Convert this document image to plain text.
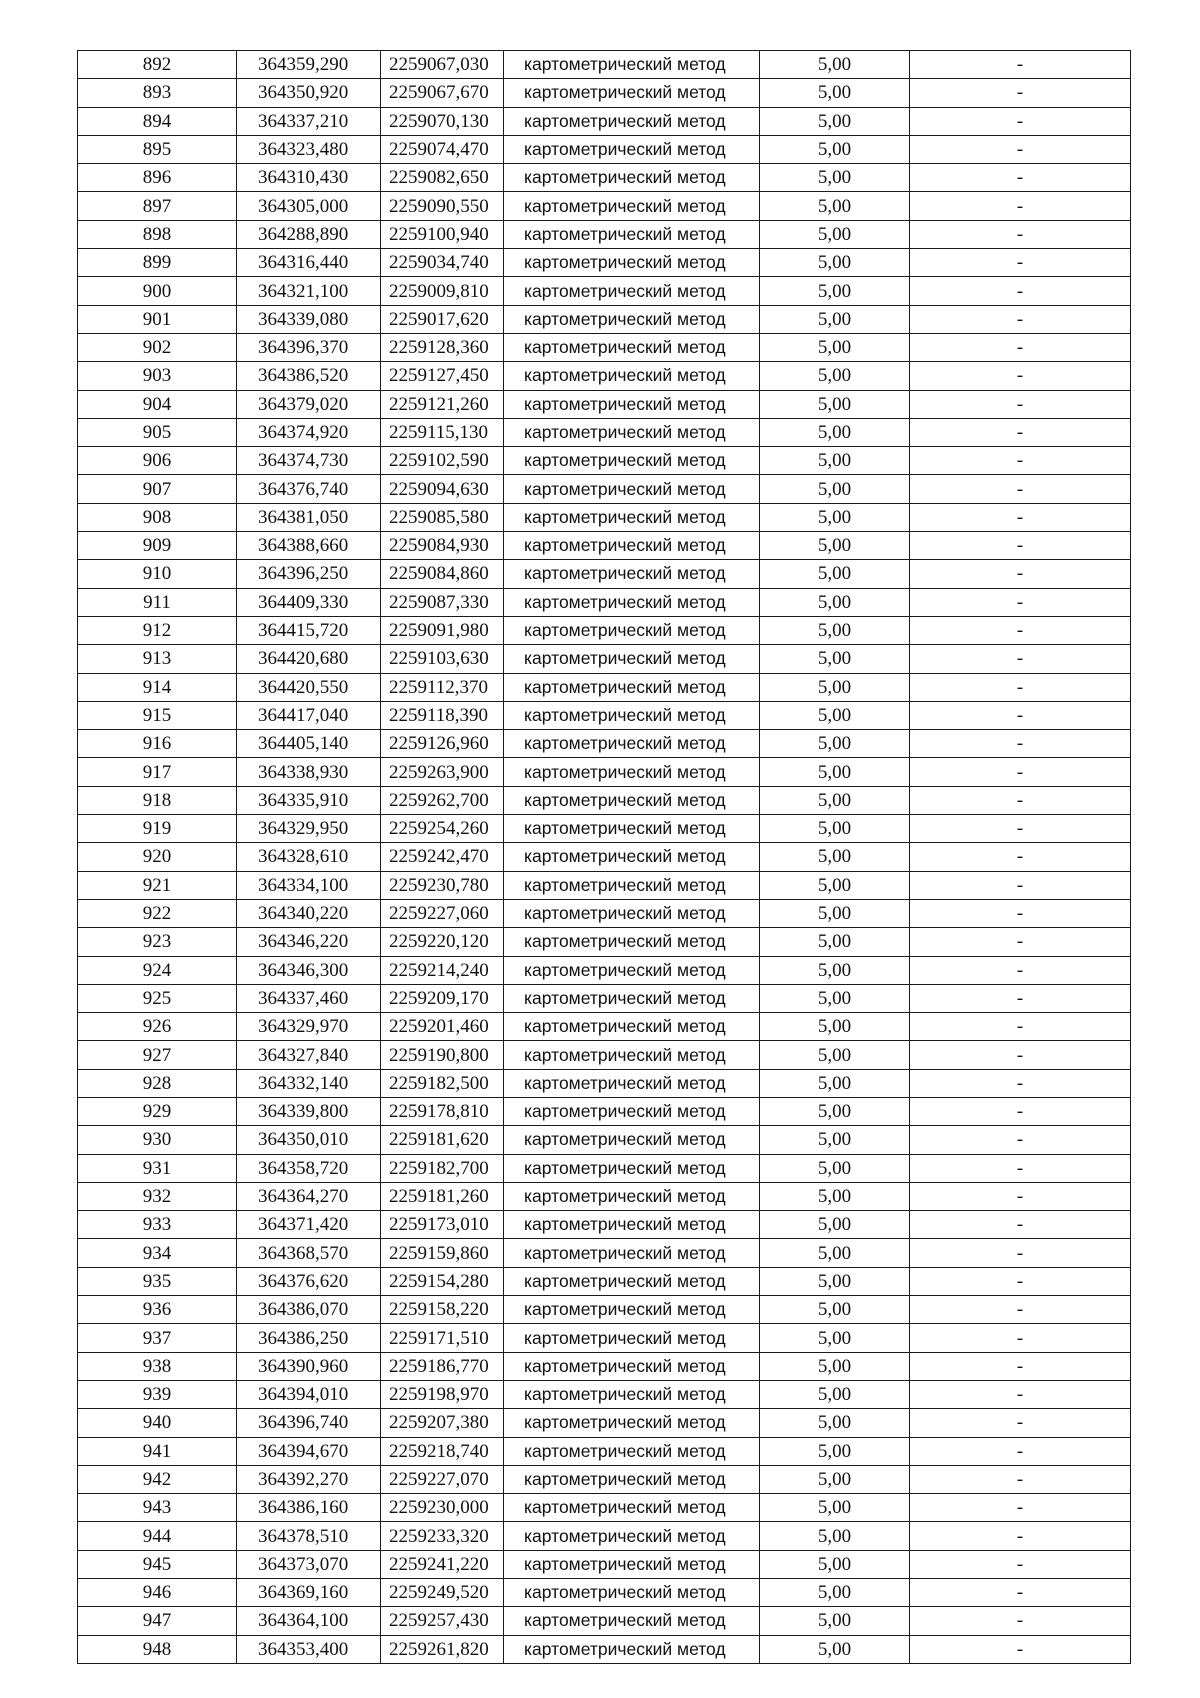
892	364359,290	2259067,030	картометрический метод	5,00	-
893	364350,920	2259067,670	картометрический метод	5,00	-
894	364337,210	2259070,130	картометрический метод	5,00	-
895	364323,480	2259074,470	картометрический метод	5,00	-
896	364310,430	2259082,650	картометрический метод	5,00	-
897	364305,000	2259090,550	картометрический метод	5,00	-
898	364288,890	2259100,940	картометрический метод	5,00	-
899	364316,440	2259034,740	картометрический метод	5,00	-
900	364321,100	2259009,810	картометрический метод	5,00	-
901	364339,080	2259017,620	картометрический метод	5,00	-
902	364396,370	2259128,360	картометрический метод	5,00	-
903	364386,520	2259127,450	картометрический метод	5,00	-
904	364379,020	2259121,260	картометрический метод	5,00	-
905	364374,920	2259115,130	картометрический метод	5,00	-
906	364374,730	2259102,590	картометрический метод	5,00	-
907	364376,740	2259094,630	картометрический метод	5,00	-
908	364381,050	2259085,580	картометрический метод	5,00	-
909	364388,660	2259084,930	картометрический метод	5,00	-
910	364396,250	2259084,860	картометрический метод	5,00	-
911	364409,330	2259087,330	картометрический метод	5,00	-
912	364415,720	2259091,980	картометрический метод	5,00	-
913	364420,680	2259103,630	картометрический метод	5,00	-
914	364420,550	2259112,370	картометрический метод	5,00	-
915	364417,040	2259118,390	картометрический метод	5,00	-
916	364405,140	2259126,960	картометрический метод	5,00	-
917	364338,930	2259263,900	картометрический метод	5,00	-
918	364335,910	2259262,700	картометрический метод	5,00	-
919	364329,950	2259254,260	картометрический метод	5,00	-
920	364328,610	2259242,470	картометрический метод	5,00	-
921	364334,100	2259230,780	картометрический метод	5,00	-
922	364340,220	2259227,060	картометрический метод	5,00	-
923	364346,220	2259220,120	картометрический метод	5,00	-
924	364346,300	2259214,240	картометрический метод	5,00	-
925	364337,460	2259209,170	картометрический метод	5,00	-
926	364329,970	2259201,460	картометрический метод	5,00	-
927	364327,840	2259190,800	картометрический метод	5,00	-
928	364332,140	2259182,500	картометрический метод	5,00	-
929	364339,800	2259178,810	картометрический метод	5,00	-
930	364350,010	2259181,620	картометрический метод	5,00	-
931	364358,720	2259182,700	картометрический метод	5,00	-
932	364364,270	2259181,260	картометрический метод	5,00	-
933	364371,420	2259173,010	картометрический метод	5,00	-
934	364368,570	2259159,860	картометрический метод	5,00	-
935	364376,620	2259154,280	картометрический метод	5,00	-
936	364386,070	2259158,220	картометрический метод	5,00	-
937	364386,250	2259171,510	картометрический метод	5,00	-
938	364390,960	2259186,770	картометрический метод	5,00	-
939	364394,010	2259198,970	картометрический метод	5,00	-
940	364396,740	2259207,380	картометрический метод	5,00	-
941	364394,670	2259218,740	картометрический метод	5,00	-
942	364392,270	2259227,070	картометрический метод	5,00	-
943	364386,160	2259230,000	картометрический метод	5,00	-
944	364378,510	2259233,320	картометрический метод	5,00	-
945	364373,070	2259241,220	картометрический метод	5,00	-
946	364369,160	2259249,520	картометрический метод	5,00	-
947	364364,100	2259257,430	картометрический метод	5,00	-
948	364353,400	2259261,820	картометрический метод	5,00	-
